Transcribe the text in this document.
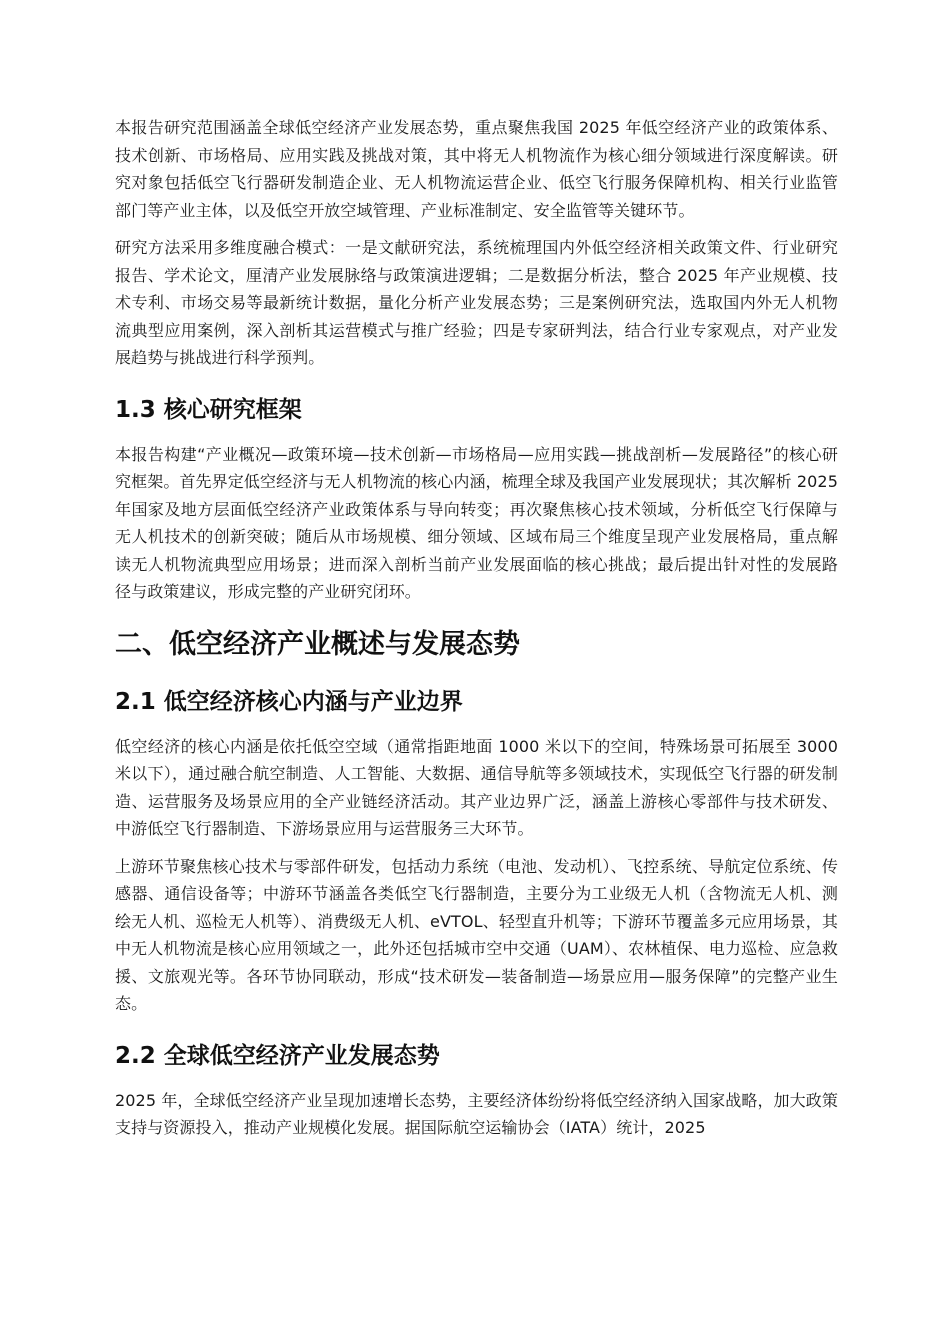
本报告研究范围涵盖全球低空经济产业发展态势，重点聚焦我国 2025 年低空经济产业的政策体系、技术创新、市场格局、应用实践及挑战对策，其中将无人机物流作为核心细分领域进行深度解读。研究对象包括低空飞行器研发制造企业、无人机物流运营企业、低空飞行服务保障机构、相关行业监管部门等产业主体，以及低空开放空域管理、产业标准制定、安全监管等关键环节。

研究方法采用多维度融合模式：一是文献研究法，系统梳理国内外低空经济相关政策文件、行业研究报告、学术论文，厘清产业发展脉络与政策演进逻辑；二是数据分析法，整合 2025 年产业规模、技术专利、市场交易等最新统计数据，量化分析产业发展态势；三是案例研究法，选取国内外无人机物流典型应用案例，深入剖析其运营模式与推广经验；四是专家研判法，结合行业专家观点，对产业发展趋势与挑战进行科学预判。

1.3 核心研究框架

本报告构建“产业概况—政策环境—技术创新—市场格局—应用实践—挑战剖析—发展路径”的核心研究框架。首先界定低空经济与无人机物流的核心内涵，梳理全球及我国产业发展现状；其次解析 2025 年国家及地方层面低空经济产业政策体系与导向转变；再次聚焦核心技术领域，分析低空飞行保障与无人机技术的创新突破；随后从市场规模、细分领域、区域布局三个维度呈现产业发展格局，重点解读无人机物流典型应用场景；进而深入剖析当前产业发展面临的核心挑战；最后提出针对性的发展路径与政策建议，形成完整的产业研究闭环。

二、低空经济产业概述与发展态势
2.1 低空经济核心内涵与产业边界

低空经济的核心内涵是依托低空空域（通常指距地面 1000 米以下的空间，特殊场景可拓展至 3000 米以下），通过融合航空制造、人工智能、大数据、通信导航等多领域技术，实现低空飞行器的研发制造、运营服务及场景应用的全产业链经济活动。其产业边界广泛，涵盖上游核心零部件与技术研发、中游低空飞行器制造、下游场景应用与运营服务三大环节。

上游环节聚焦核心技术与零部件研发，包括动力系统（电池、发动机）、飞控系统、导航定位系统、传感器、通信设备等；中游环节涵盖各类低空飞行器制造，主要分为工业级无人机（含物流无人机、测绘无人机、巡检无人机等）、消费级无人机、eVTOL、轻型直升机等；下游环节覆盖多元应用场景，其中无人机物流是核心应用领域之一，此外还包括城市空中交通（UAM）、农林植保、电力巡检、应急救援、文旅观光等。各环节协同联动，形成“技术研发—装备制造—场景应用—服务保障”的完整产业生态。

2.2 全球低空经济产业发展态势

2025 年，全球低空经济产业呈现加速增长态势，主要经济体纷纷将低空经济纳入国家战略，加大政策支持与资源投入，推动产业规模化发展。据国际航空运输协会（IATA）统计，2025
